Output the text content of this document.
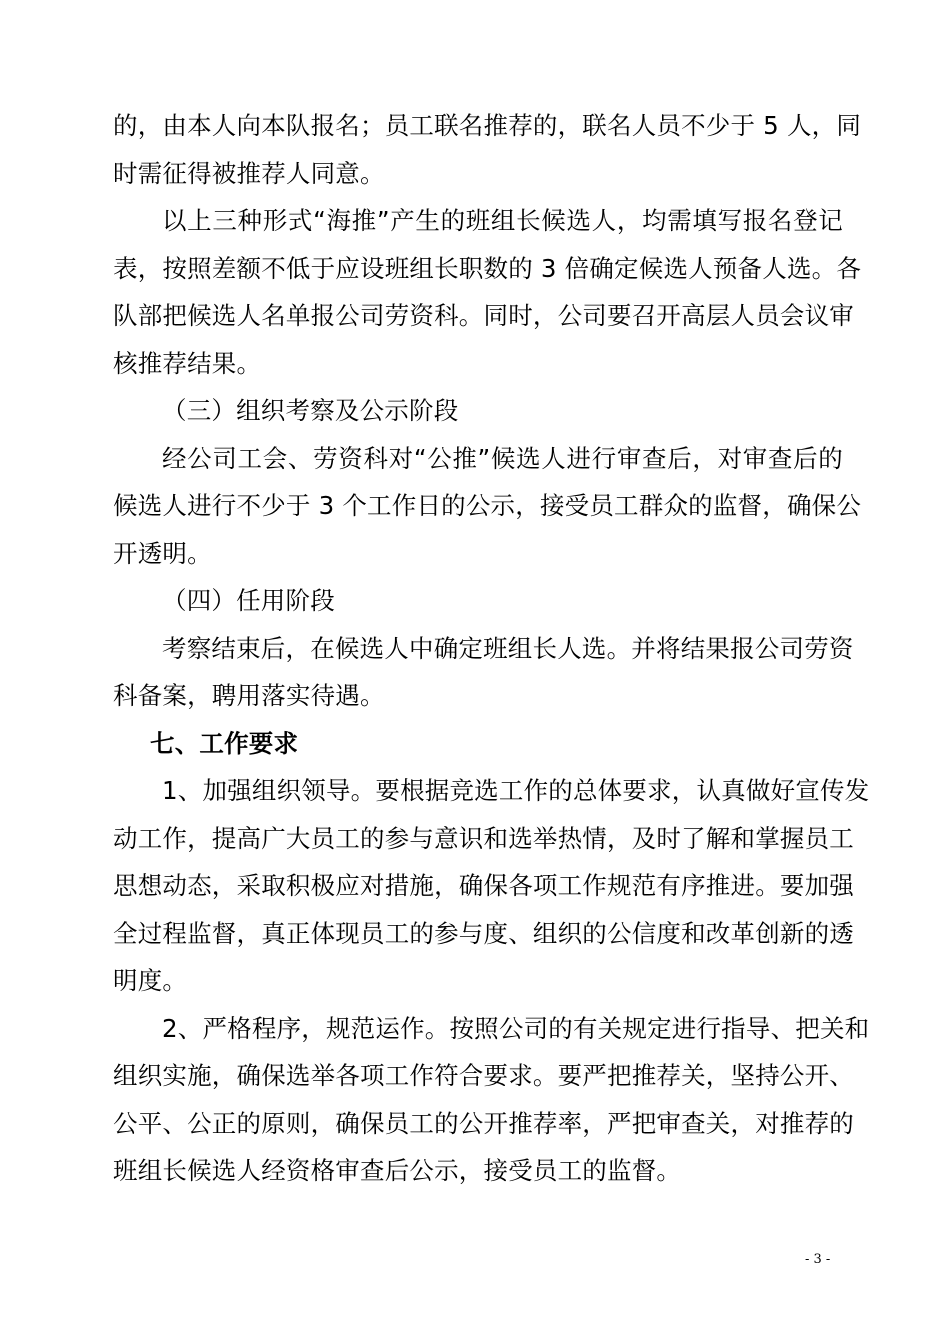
的，由本人向本队报名；员工联名推荐的，联名人员不少于 5 人，同
时需征得被推荐人同意。
以上三种形式“海推”产生的班组长候选人，均需填写报名登记
表，按照差额不低于应设班组长职数的 3 倍确定候选人预备人选。各
队部把候选人名单报公司劳资科。同时，公司要召开高层人员会议审
核推荐结果。
（三）组织考察及公示阶段
经公司工会、劳资科对“公推”候选人进行审查后，对审查后的
候选人进行不少于 3 个工作日的公示，接受员工群众的监督，确保公
开透明。
（四）任用阶段
考察结束后，在候选人中确定班组长人选。并将结果报公司劳资
科备案，聘用落实待遇。
七、工作要求
1、加强组织领导。要根据竞选工作的总体要求，认真做好宣传发
动工作，提高广大员工的参与意识和选举热情，及时了解和掌握员工
思想动态，采取积极应对措施，确保各项工作规范有序推进。要加强
全过程监督，真正体现员工的参与度、组织的公信度和改革创新的透
明度。
2、严格程序，规范运作。按照公司的有关规定进行指导、把关和
组织实施，确保选举各项工作符合要求。要严把推荐关，坚持公开、
公平、公正的原则，确保员工的公开推荐率，严把审查关，对推荐的
班组长候选人经资格审查后公示，接受员工的监督。
- 3 -
